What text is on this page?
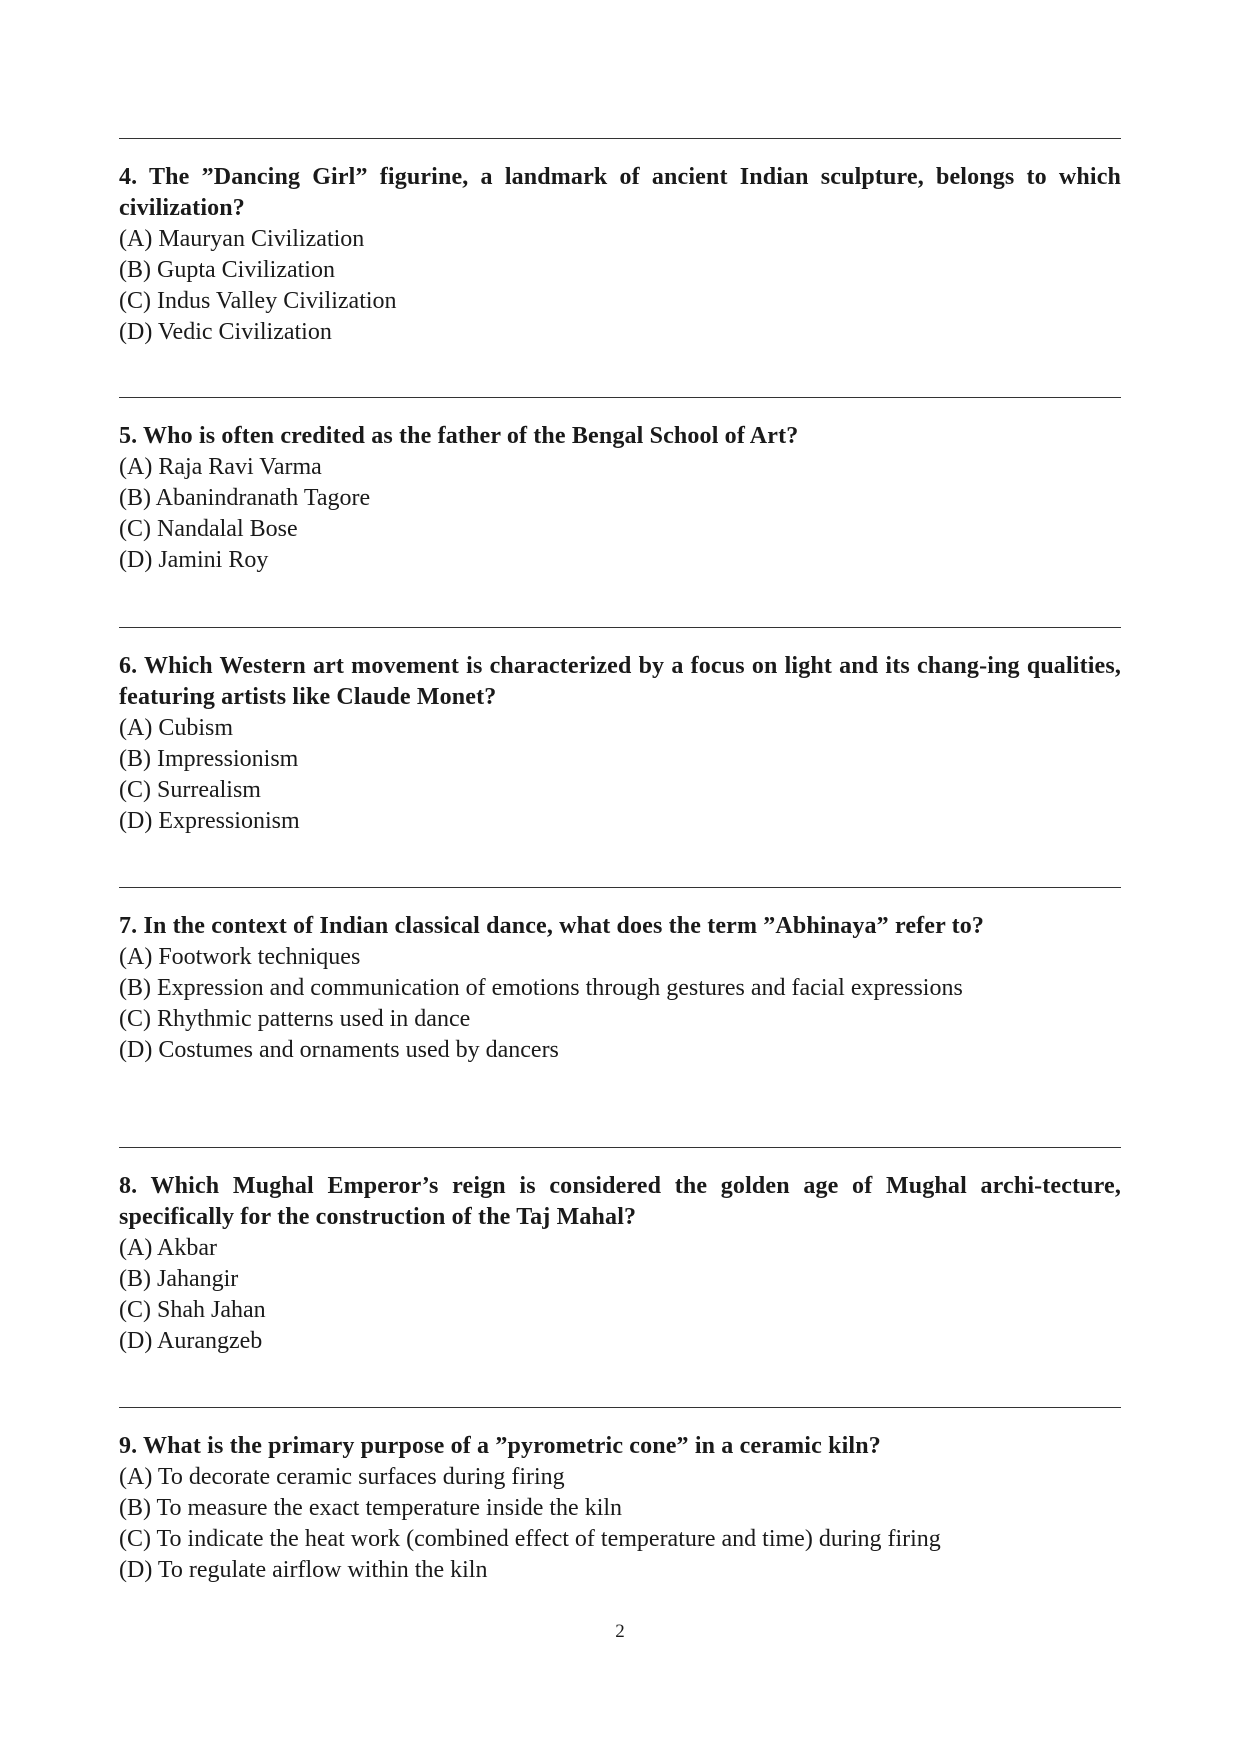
4. The ”Dancing Girl” figurine, a landmark of ancient Indian sculpture, belongs to which civilization?

(A) Mauryan Civilization
(B) Gupta Civilization
(C) Indus Valley Civilization
(D) Vedic Civilization

5. Who is often credited as the father of the Bengal School of Art?

(A) Raja Ravi Varma
(B) Abanindranath Tagore
(C) Nandalal Bose
(D) Jamini Roy

6. Which Western art movement is characterized by a focus on light and its chang-ing qualities, featuring artists like Claude Monet?

(A) Cubism
(B) Impressionism
(C) Surrealism
(D) Expressionism

7. In the context of Indian classical dance, what does the term ”Abhinaya” refer to?

(A) Footwork techniques
(B) Expression and communication of emotions through gestures and facial expressions
(C) Rhythmic patterns used in dance
(D) Costumes and ornaments used by dancers

8. Which Mughal Emperor’s reign is considered the golden age of Mughal archi-tecture, specifically for the construction of the Taj Mahal?

(A) Akbar
(B) Jahangir
(C) Shah Jahan
(D) Aurangzeb

9. What is the primary purpose of a ”pyrometric cone” in a ceramic kiln?

(A) To decorate ceramic surfaces during firing
(B) To measure the exact temperature inside the kiln
(C) To indicate the heat work (combined effect of temperature and time) during firing
(D) To regulate airflow within the kiln
2
